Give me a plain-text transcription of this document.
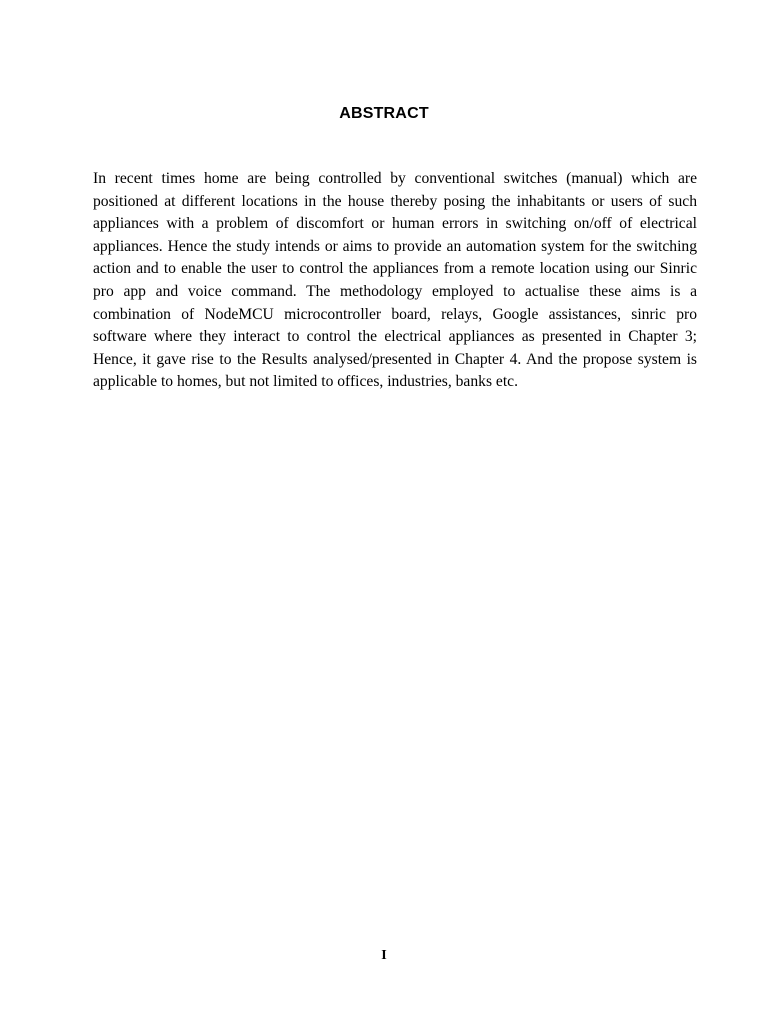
ABSTRACT

In recent times home are being controlled by conventional switches (manual) which are positioned at different locations in the house thereby posing the inhabitants or users of such appliances with a problem of discomfort or human errors in switching on/off of electrical appliances. Hence the study intends or aims to provide an automation system for the switching action and to enable the user to control the appliances from a remote location using our Sinric pro app and voice command. The methodology employed to actualise these aims is a combination of NodeMCU microcontroller board, relays, Google assistances, sinric pro software where they interact to control the electrical appliances as presented in Chapter 3; Hence, it gave rise to the Results analysed/presented in Chapter 4. And the propose system is applicable to homes, but not limited to offices, industries, banks etc.

I
